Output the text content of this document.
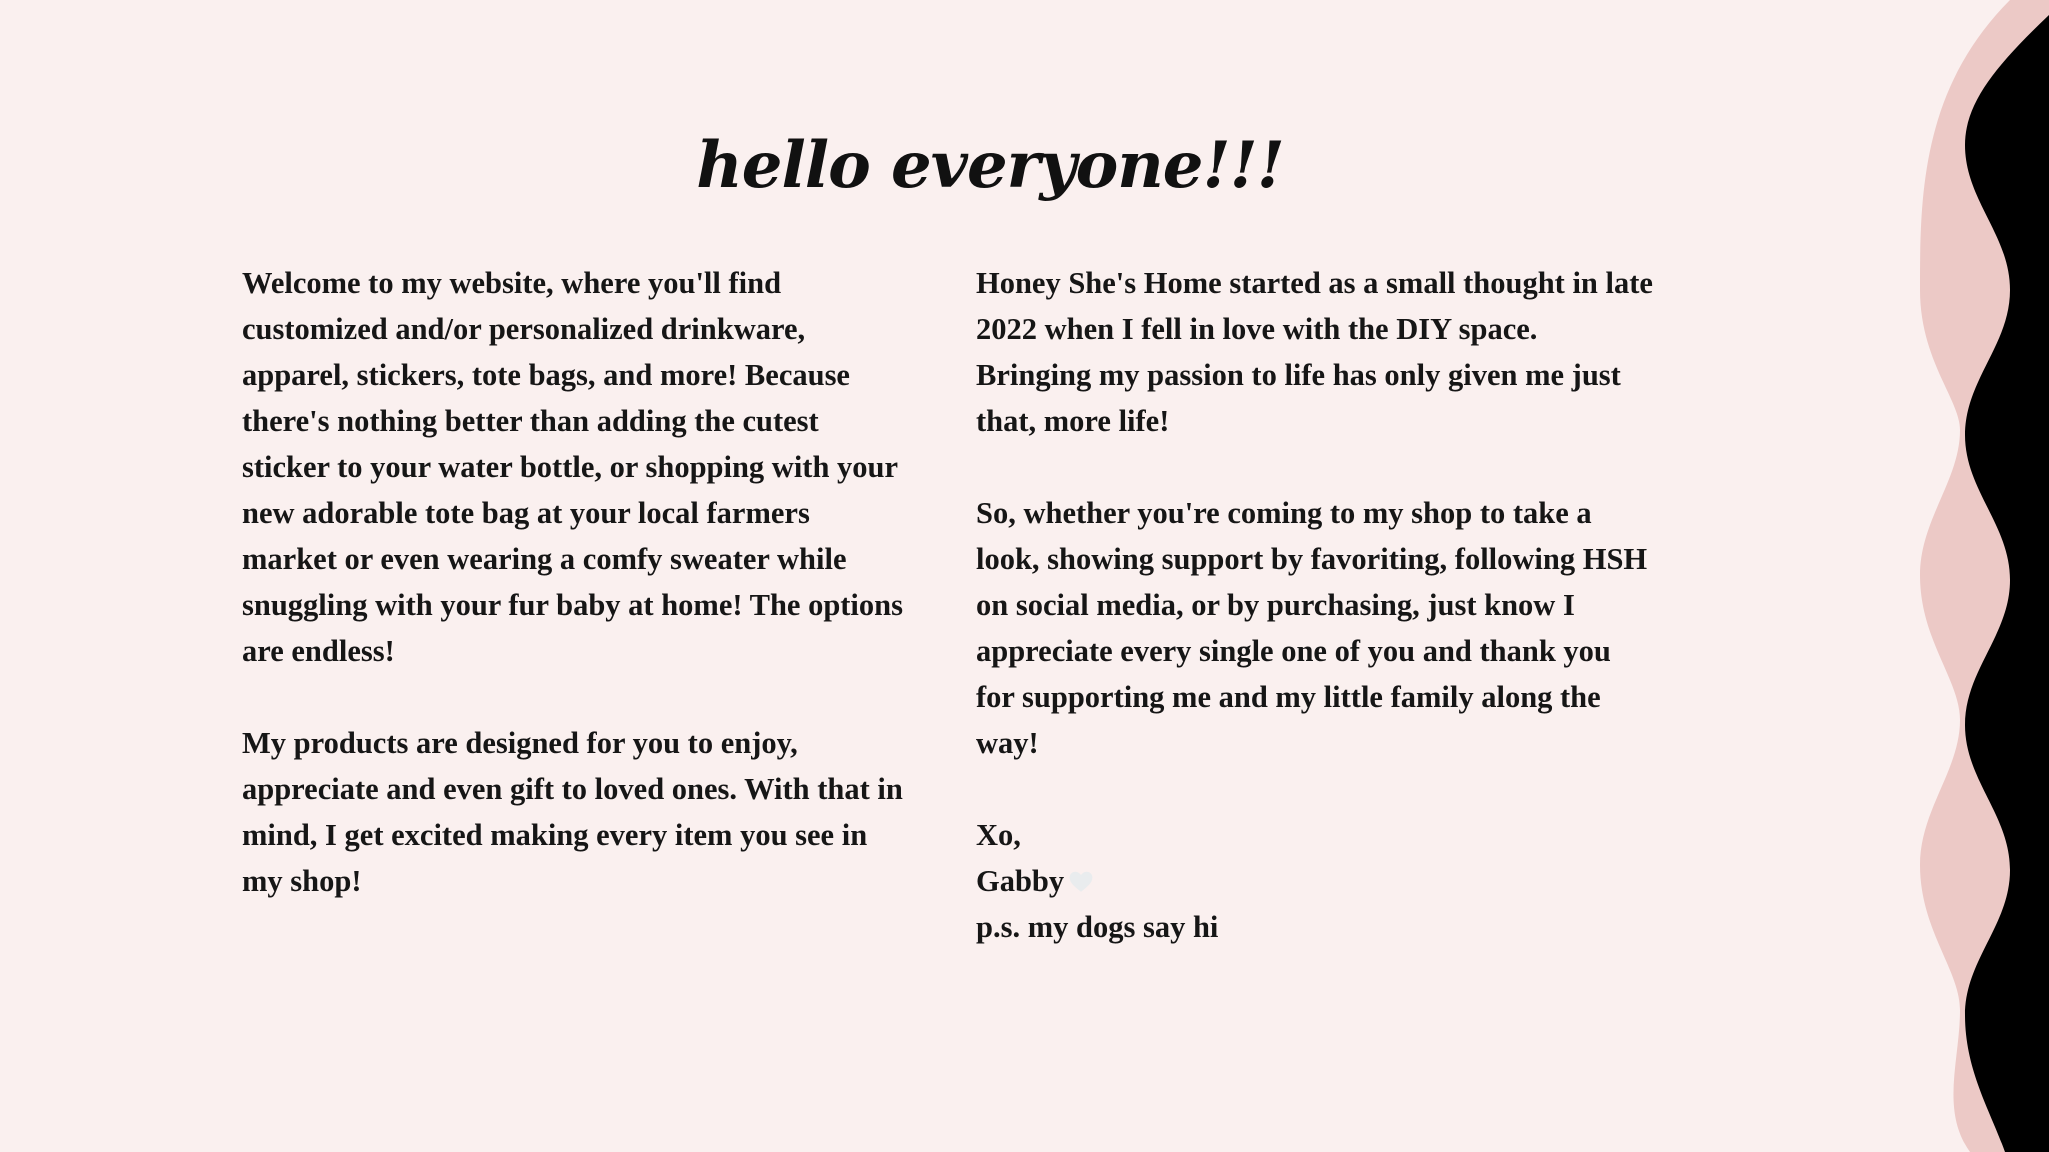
hello everyone!!!

Welcome to my website, where you'll find customized and/or personalized drinkware, apparel, stickers, tote bags, and more! Because there's nothing better than adding the cutest sticker to your water bottle, or shopping with your new adorable tote bag at your local farmers market or even wearing a comfy sweater while snuggling with your fur baby at home! The options are endless!

My products are designed for you to enjoy, appreciate and even gift to loved ones. With that in mind, I get excited making every item you see in my shop!

Honey She's Home started as a small thought in late 2022 when I fell in love with the DIY space. Bringing my passion to life has only given me just that, more life!

So, whether you're coming to my shop to take a look, showing support by favoriting, following HSH on social media, or by purchasing, just know I appreciate every single one of you and thank you for supporting me and my little family along the way!

Xo,

Gabby

p.s. my dogs say hi
